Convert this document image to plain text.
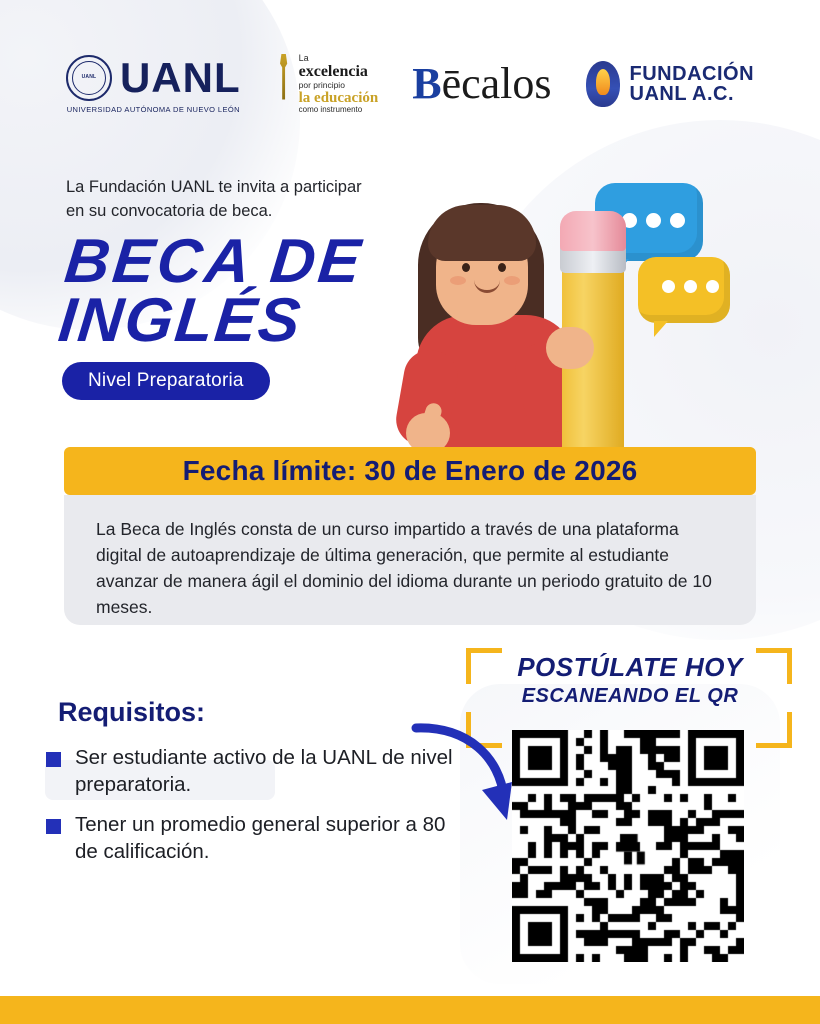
UANL UANL
UNIVERSIDAD AUTÓNOMA DE NUEVO LEÓN
La
excelencia
por principio
la educación
como instrumento
B ēcalos	FUNDACIÓN
UANL A.C.
La Fundación UANL te invita a participar
en su convocatoria de beca.
BECA DE
INGLÉS
Nivel Preparatoria
Fecha límite: 30 de Enero de 2026
La Beca de Inglés consta de un curso impartido a través de una plataforma digital de autoaprendizaje de última generación, que permite al estudiante avanzar de manera ágil el dominio del idioma durante un periodo gratuito de 10 meses.
Requisitos:
Ser estudiante activo de la UANL de nivel preparatoria.
Tener un promedio general superior a 80 de calificación.
POSTÚLATE HOY
ESCANEANDO EL QR
